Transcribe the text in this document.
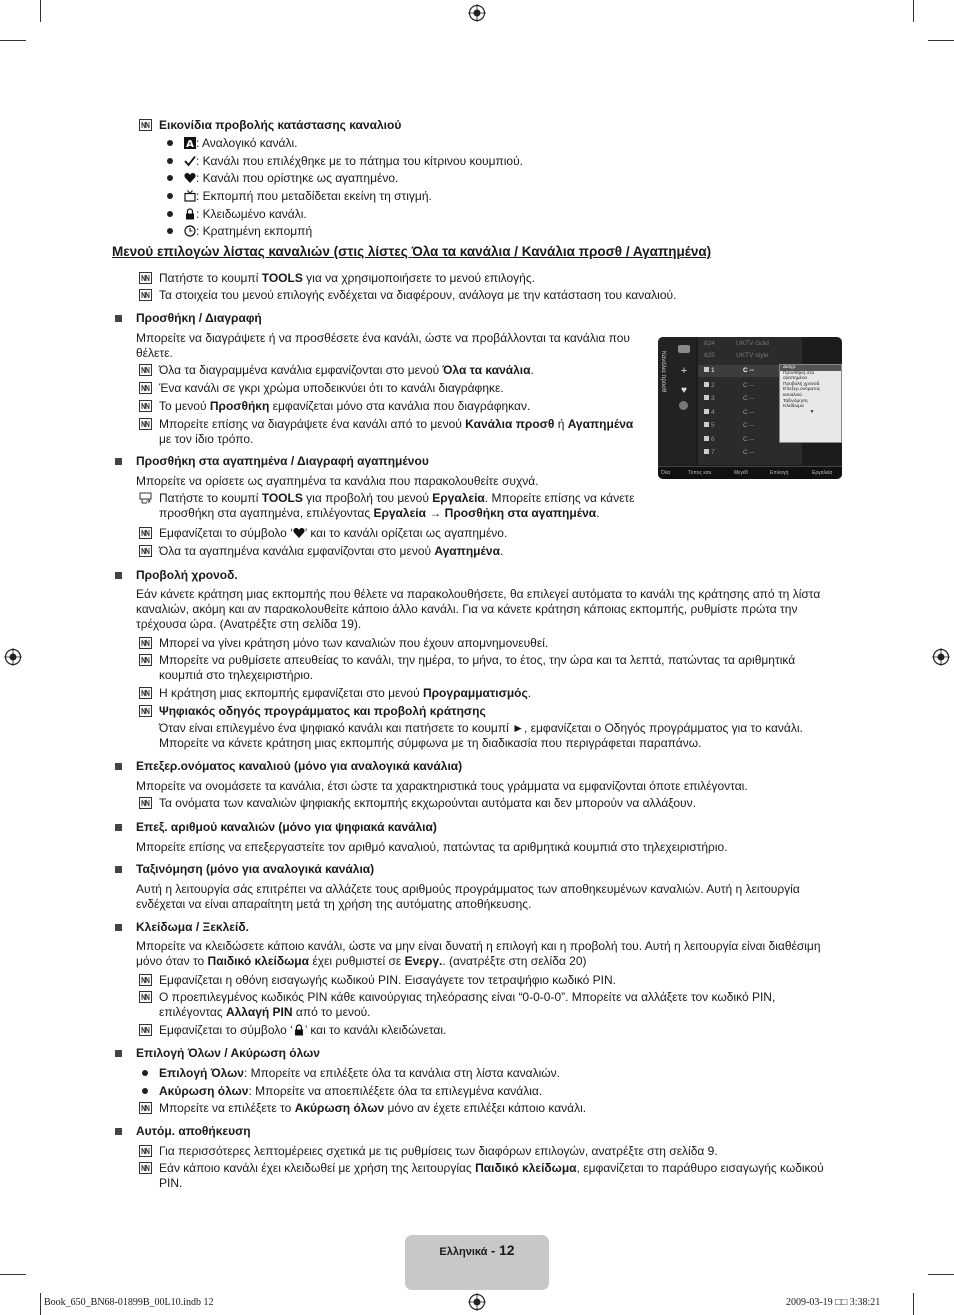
Εικονίδια προβολής κατάστασης καναλιού
A : Αναλογικό κανάλι.
: Κανάλι που επιλέχθηκε με το πάτημα του κίτρινου κουμπιού.
: Κανάλι που ορίστηκε ως αγαπημένο.
: Εκπομπή που μεταδίδεται εκείνη τη στιγμή.
: Κλειδωμένο κανάλι.
: Κρατημένη εκπομπή
Μενού επιλογών λίστας καναλιών (στις λίστες Όλα τα κανάλια / Κανάλια προσθ / Αγαπημένα)
Πατήστε το κουμπί TOOLS για να χρησιμοποιήσετε το μενού επιλογής.
Τα στοιχεία του μενού επιλογής ενδέχεται να διαφέρουν, ανάλογα με την κατάσταση του καναλιού.
Προσθήκη / Διαγραφή
Μπορείτε να διαγράψετε ή να προσθέσετε ένα κανάλι, ώστε να προβάλλονται τα κανάλια που
θέλετε.
Όλα τα διαγραμμένα κανάλια εμφανίζονται στο μενού Όλα τα κανάλια.
Ένα κανάλι σε γκρι χρώμα υποδεικνύει ότι το κανάλι διαγράφηκε.
Το μενού Προσθήκη εμφανίζεται μόνο στα κανάλια που διαγράφηκαν.
Μπορείτε επίσης να διαγράψετε ένα κανάλι από το μενού Κανάλια προσθ ή Αγαπημένα
με τον ίδιο τρόπο.
Κανάλια προσθ +
♥
Διαγρ.
Προσθήκη στα
αγαπημένα
Προβολή χρονοδ.
Επεξερ.ονόματος
καναλιού
Ταξινόμηση
Κλείδωμα
▼
Όλα	Τύπος καν.	Μεγέθ	Επιλογή	Εργαλεία
824	UKTV Gold
825	UKTV style
1	C --
2	C --
3	C --
4	C --
5	C --
6	C --
7	C --
Προσθήκη στα αγαπημένα / Διαγραφή αγαπημένου
Μπορείτε να ορίσετε ως αγαπημένα τα κανάλια που παρακολουθείτε συχνά.
Πατήστε το κουμπί TOOLS για προβολή του μενού Εργαλεία. Μπορείτε επίσης να κάνετε
προσθήκη στα αγαπημένα, επιλέγοντας Εργαλεία → Προσθήκη στα αγαπημένα.
Εμφανίζεται το σύμβολο ‘ ’ και το κανάλι ορίζεται ως αγαπημένο.
Όλα τα αγαπημένα κανάλια εμφανίζονται στο μενού Αγαπημένα.
Προβολή χρονοδ.
Εάν κάνετε κράτηση μιας εκπομπής που θέλετε να παρακολουθήσετε, θα επιλεγεί αυτόματα το κανάλι της κράτησης από τη λίστα
καναλιών, ακόμη και αν παρακολουθείτε κάποιο άλλο κανάλι. Για να κάνετε κράτηση κάποιας εκπομπής, ρυθμίστε πρώτα την
τρέχουσα ώρα. (Ανατρέξτε στη σελίδα 19).
Μπορεί να γίνει κράτηση μόνο των καναλιών που έχουν απομνημονευθεί.
Μπορείτε να ρυθμίσετε απευθείας το κανάλι, την ημέρα, το μήνα, το έτος, την ώρα και τα λεπτά, πατώντας τα αριθμητικά
κουμπιά στο τηλεχειριστήριο.
Η κράτηση μιας εκπομπής εμφανίζεται στο μενού Προγραμματισμός.
Ψηφιακός οδηγός προγράμματος και προβολή κράτησης
Όταν είναι επιλεγμένο ένα ψηφιακό κανάλι και πατήσετε το κουμπί ►, εμφανίζεται ο Οδηγός προγράμματος για το κανάλι.
Μπορείτε να κάνετε κράτηση μιας εκπομπής σύμφωνα με τη διαδικασία που περιγράφεται παραπάνω.
Επεξερ.ονόματος καναλιού (μόνο για αναλογικά κανάλια)
Μπορείτε να ονομάσετε τα κανάλια, έτσι ώστε τα χαρακτηριστικά τους γράμματα να εμφανίζονται όποτε επιλέγονται.
Τα ονόματα των καναλιών ψηφιακής εκπομπής εκχωρούνται αυτόματα και δεν μπορούν να αλλάξουν.
Επεξ. αριθμού καναλιών (μόνο για ψηφιακά κανάλια)
Μπορείτε επίσης να επεξεργαστείτε τον αριθμό καναλιού, πατώντας τα αριθμητικά κουμπιά στο τηλεχειριστήριο.
Ταξινόμηση (μόνο για αναλογικά κανάλια)
Αυτή η λειτουργία σάς επιτρέπει να αλλάζετε τους αριθμούς προγράμματος των αποθηκευμένων καναλιών. Αυτή η λειτουργία
ενδέχεται να είναι απαραίτητη μετά τη χρήση της αυτόματης αποθήκευσης.
Κλείδωμα / Ξεκλείδ.
Μπορείτε να κλειδώσετε κάποιο κανάλι, ώστε να μην είναι δυνατή η επιλογή και η προβολή του. Αυτή η λειτουργία είναι διαθέσιμη
μόνο όταν το Παιδικό κλείδωμα έχει ρυθμιστεί σε Ενεργ.. (ανατρέξτε στη σελίδα 20)
Εμφανίζεται η οθόνη εισαγωγής κωδικού PIN. Εισαγάγετε τον τετραψήφιο κωδικό PIN.
Ο προεπιλεγμένος κωδικός PIN κάθε καινούργιας τηλεόρασης είναι “0-0-0-0”. Μπορείτε να αλλάξετε τον κωδικό PIN,
επιλέγοντας Αλλαγή PIN από το μενού.
Εμφανίζεται το σύμβολο ‘ ’ και το κανάλι κλειδώνεται.
Επιλογή Όλων / Ακύρωση όλων
Επιλογή Όλων: Μπορείτε να επιλέξετε όλα τα κανάλια στη λίστα καναλιών.
Ακύρωση όλων: Μπορείτε να αποεπιλέξετε όλα τα επιλεγμένα κανάλια.
Μπορείτε να επιλέξετε το Ακύρωση όλων μόνο αν έχετε επιλέξει κάποιο κανάλι.
Αυτόμ. αποθήκευση
Για περισσότερες λεπτομέρειες σχετικά με τις ρυθμίσεις των διαφόρων επιλογών, ανατρέξτε στη σελίδα 9.
Εάν κάποιο κανάλι έχει κλειδωθεί με χρήση της λειτουργίας Παιδικό κλείδωμα, εμφανίζεται το παράθυρο εισαγωγής κωδικού
PIN.
Ελληνικά - 12
Book_650_BN68-01899B_00L10.indb 12	2009-03-19 □□ 3:38:21
